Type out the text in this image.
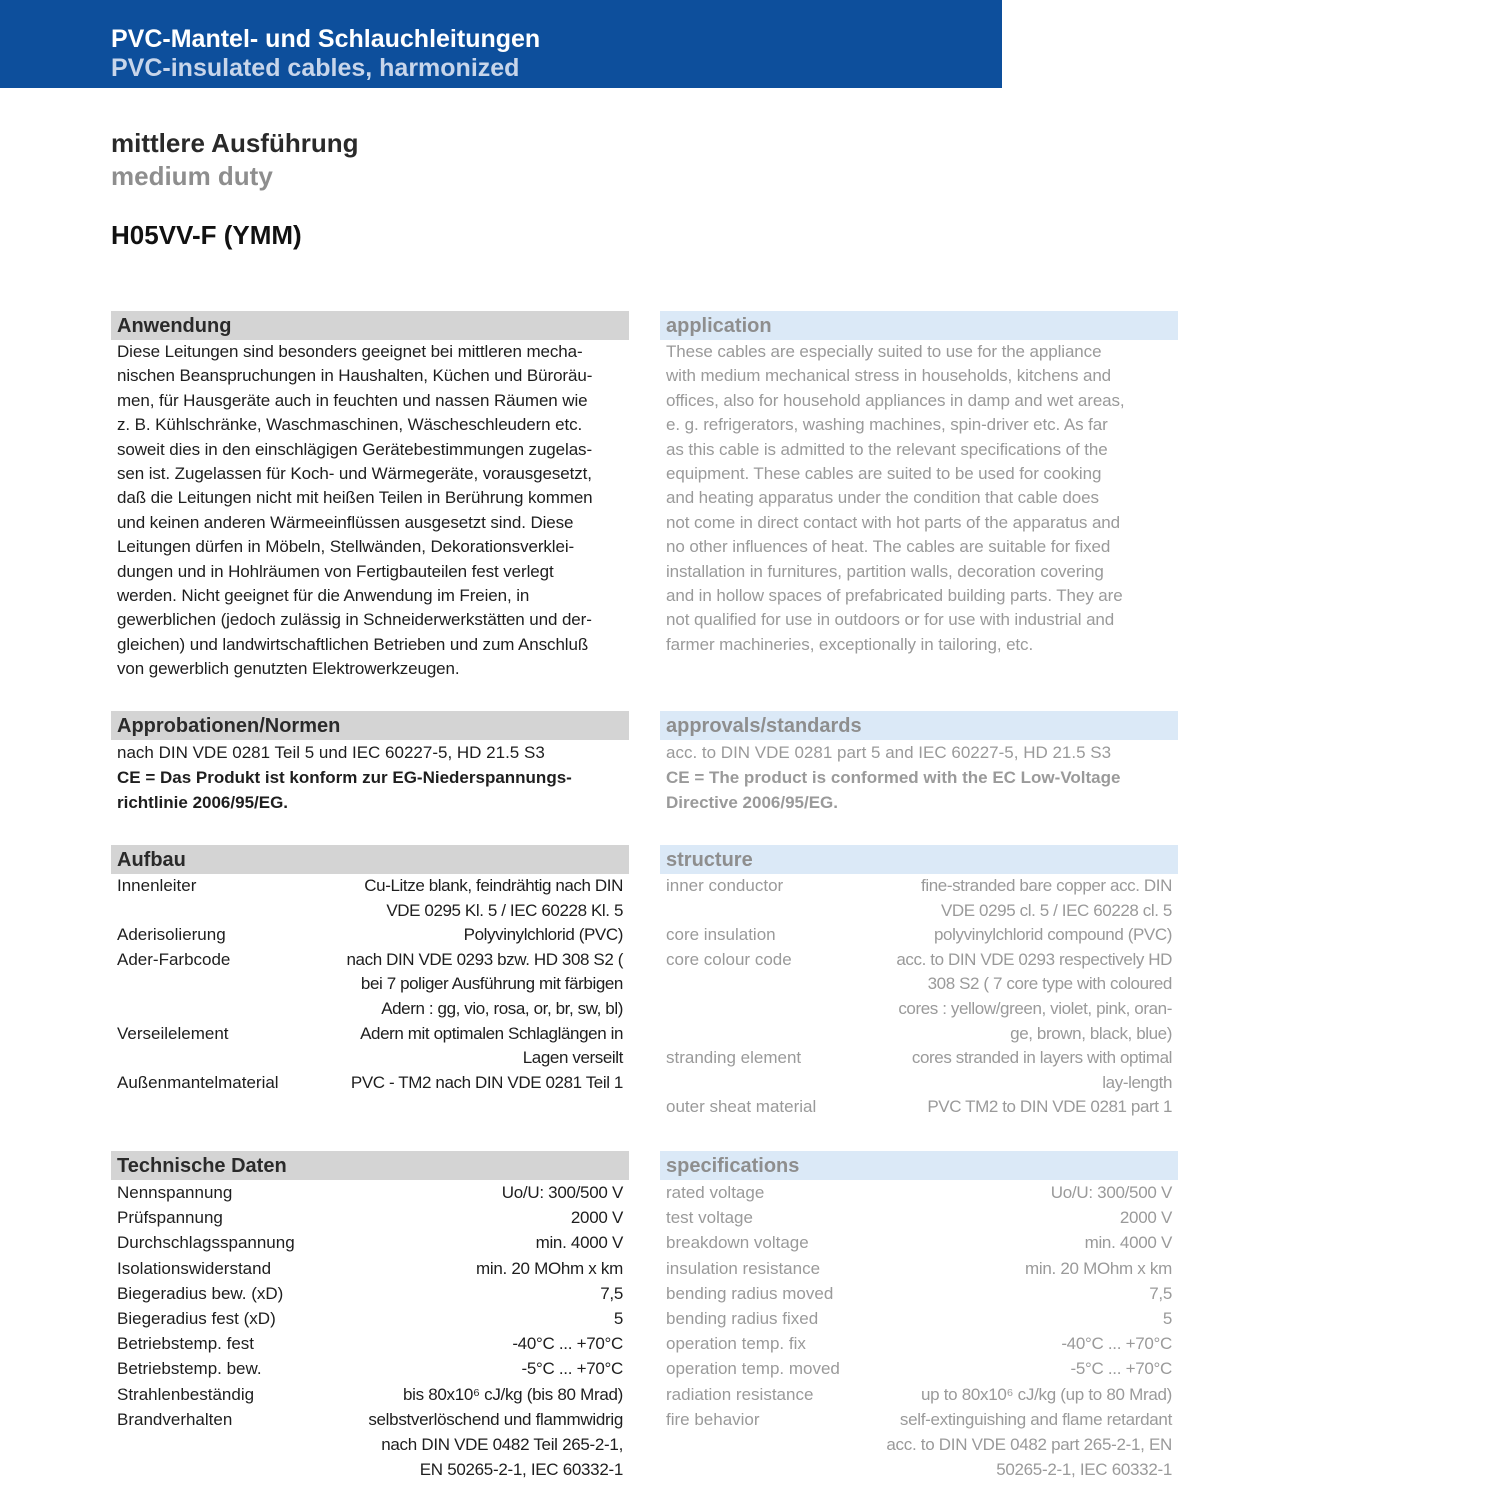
PVC-Mantel- und Schlauchleitungen
PVC-insulated cables, harmonized
mittlere Ausführung
medium duty
H05VV-F (YMM)
Anwendung
Diese Leitungen sind besonders geeignet bei mittleren mecha-
nischen Beanspruchungen in Haushalten, Küchen und Büroräu-
men, für Hausgeräte auch in feuchten und nassen Räumen wie
z. B. Kühlschränke, Waschmaschinen, Wäscheschleudern etc.
soweit dies in den einschlägigen Gerätebestimmungen zugelas-
sen ist. Zugelassen für Koch- und Wärmegeräte, vorausgesetzt,
daß die Leitungen nicht mit heißen Teilen in Berührung kommen
und keinen anderen Wärmeeinflüssen ausgesetzt sind. Diese
Leitungen dürfen in Möbeln, Stellwänden, Dekorationsverklei-
dungen und in Hohlräumen von Fertigbauteilen fest verlegt
werden. Nicht geeignet für die Anwendung im Freien, in
gewerblichen (jedoch zulässig in Schneiderwerkstätten und der-
gleichen) und landwirtschaftlichen Betrieben und zum Anschluß
von gewerblich genutzten Elektrowerkzeugen.
application
These cables are especially suited to use for the appliance
with medium mechanical stress in households, kitchens and
offices, also for household appliances in damp and wet areas,
e. g. refrigerators, washing machines, spin-driver etc. As far
as this cable is admitted to the relevant specifications of the
equipment. These cables are suited to be used for cooking
and heating apparatus under the condition that cable does
not come in direct contact with hot parts of the apparatus and
no other influences of heat. The cables are suitable for fixed
installation in furnitures, partition walls, decoration covering
and in hollow spaces of prefabricated building parts. They are
not qualified for use in outdoors or for use with industrial and
farmer machineries, exceptionally in tailoring, etc.
Approbationen/Normen
nach DIN VDE 0281 Teil 5 und IEC 60227-5, HD 21.5 S3
CE = Das Produkt ist konform zur EG-Niederspannungs-
richtlinie 2006/95/EG.
approvals/standards
acc. to DIN VDE 0281 part 5 and IEC 60227-5, HD 21.5 S3
CE = The product is conformed with the EC Low-Voltage
Directive 2006/95/EG.
Aufbau
Innenleiter	Cu-Litze blank, feindrähtig nach DIN
VDE 0295 Kl. 5 / IEC 60228 Kl. 5
Aderisolierung	Polyvinylchlorid (PVC)
Ader-Farbcode	nach DIN VDE 0293 bzw. HD 308 S2 (
bei 7 poliger Ausführung mit färbigen
Adern : gg, vio, rosa, or, br, sw, bl)

Verseilelement	Adern mit optimalen Schlaglängen in
Lagen verseilt
Außenmantelmaterial	PVC - TM2 nach DIN VDE 0281 Teil 1
structure
inner conductor	fine-stranded bare copper acc. DIN
VDE 0295 cl. 5 / IEC 60228 cl. 5
core insulation	polyvinylchlorid compound (PVC)
core colour code	acc. to DIN VDE 0293 respectively HD
308 S2 ( 7 core type with coloured
cores : yellow/green, violet, pink, oran-
ge, brown, black, blue)
stranding element	cores stranded in layers with optimal
lay-length
outer sheat material	PVC TM2 to DIN VDE 0281 part 1
Technische Daten
Nennspannung	Uo/U: 300/500 V
Prüfspannung	2000 V
Durchschlagsspannung	min. 4000 V
Isolationswiderstand	min. 20 MOhm x km
Biegeradius bew. (xD)	7,5
Biegeradius fest (xD)	5
Betriebstemp. fest	-40°C ... +70°C
Betriebstemp. bew.	-5°C ... +70°C
Strahlenbeständig	bis 80x10⁶ cJ/kg (bis 80 Mrad)
Brandverhalten	selbstverlöschend und flammwidrig
nach DIN VDE 0482 Teil 265-2-1,
EN 50265-2-1, IEC 60332-1
specifications
rated voltage	Uo/U: 300/500 V
test voltage	2000 V
breakdown voltage	min. 4000 V
insulation resistance	min. 20 MOhm x km
bending radius moved	7,5
bending radius fixed	5
operation temp. fix	-40°C ... +70°C
operation temp. moved	-5°C ... +70°C
radiation resistance	up to 80x10⁶ cJ/kg (up to 80 Mrad)
fire behavior	self-extinguishing and flame retardant
acc. to DIN VDE 0482 part 265-2-1, EN
50265-2-1, IEC 60332-1
